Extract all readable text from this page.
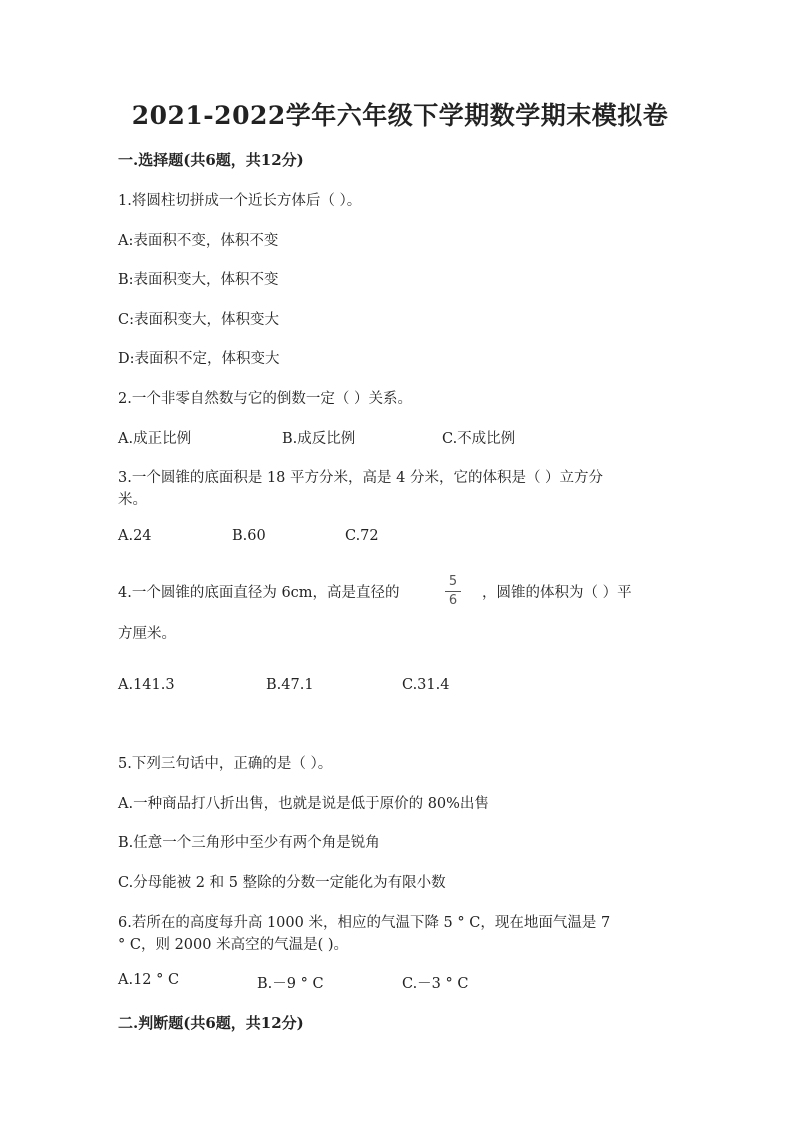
2021-2022学年六年级下学期数学期末模拟卷
一.选择题(共6题，共12分)
1.将圆柱切拼成一个近长方体后（ ）。
A:表面积不变，体积不变
B:表面积变大，体积不变
C:表面积变大，体积变大
D:表面积不定，体积变大
2.一个非零自然数与它的倒数一定（ ）关系。
A.成正比例	B.成反比例	C.不成比例
3.一个圆锥的底面积是 18 平方分米，高是 4 分米，它的体积是（ ）立方分
米。
A.24	B.60	C.72
4.一个圆锥的底面直径为 6cm，高是直径的
5
6	，圆锥的体积为（ ）平
方厘米。
A.141.3	B.47.1	C.31.4
5.下列三句话中，正确的是（ ）。
A.一种商品打八折出售，也就是说是低于原价的 80%出售
B.任意一个三角形中至少有两个角是锐角
C.分母能被 2 和 5 整除的分数一定能化为有限小数
6.若所在的高度每升高 1000 米，相应的气温下降 5 ° C，现在地面气温是 7
° C，则 2000 米高空的气温是( )。
A.12 ° C	B.－9 ° C	C.－3 ° C
二.判断题(共6题，共12分)
